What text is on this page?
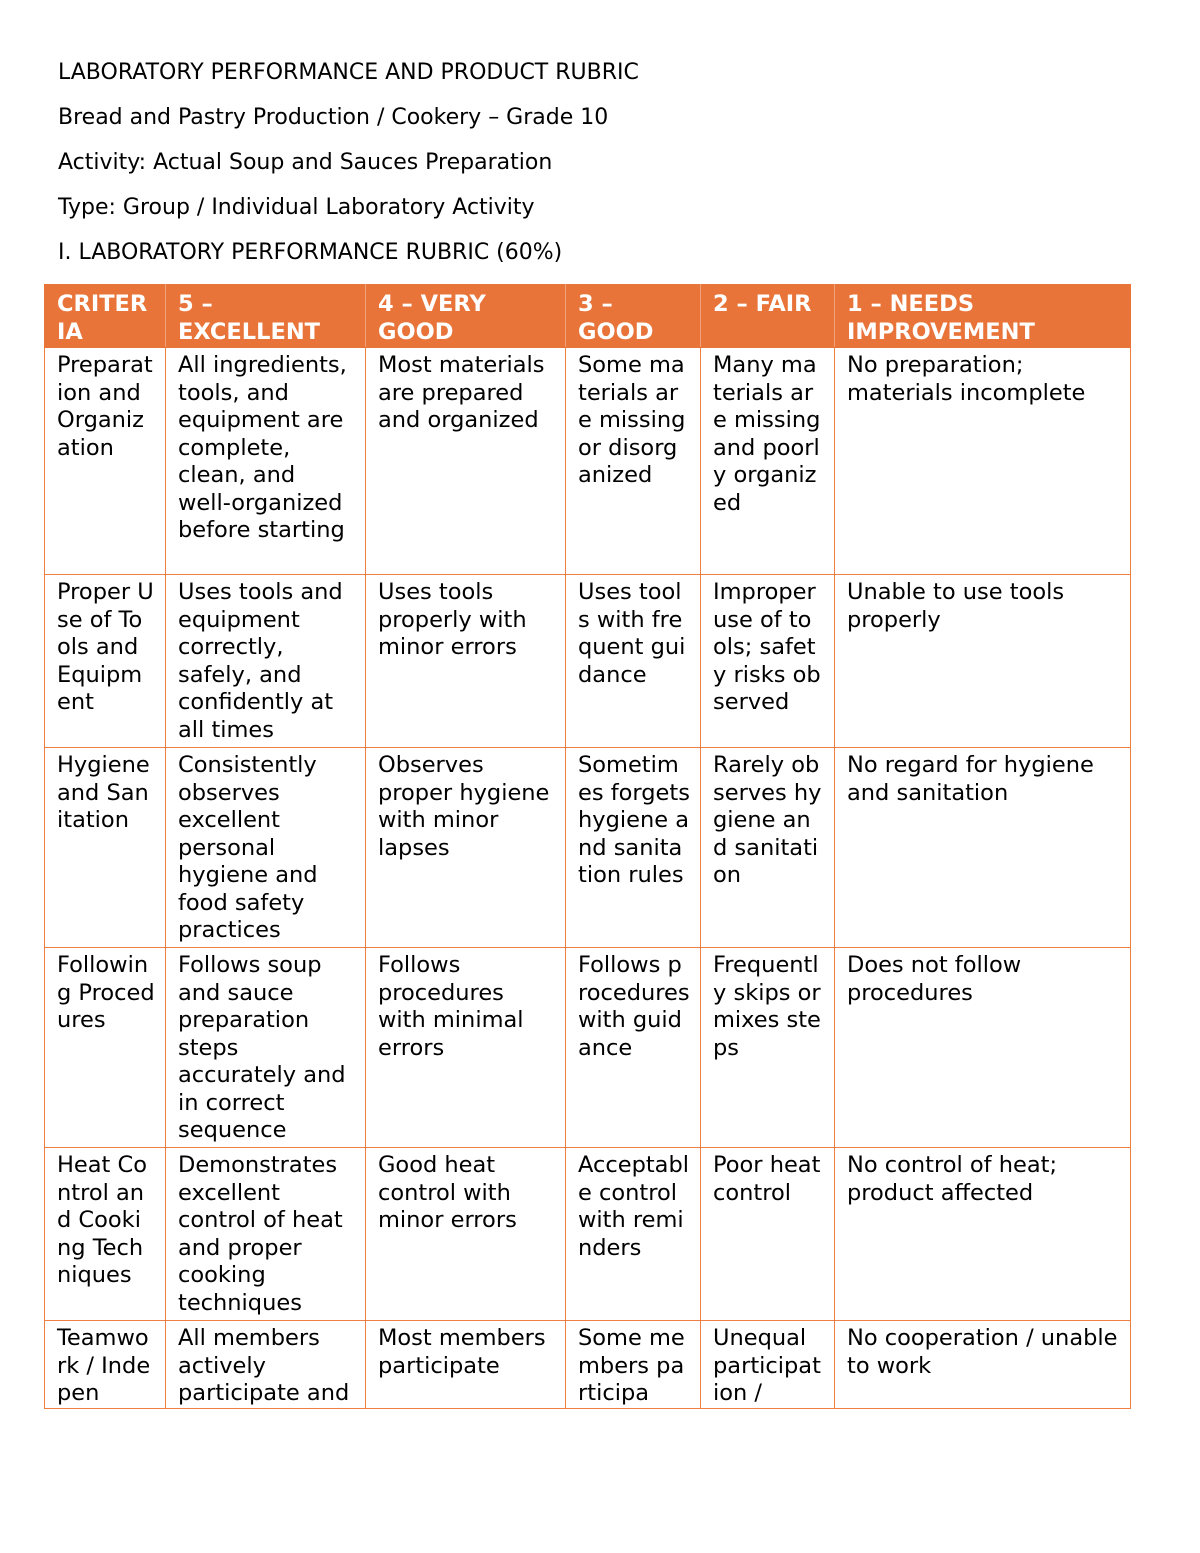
LABORATORY PERFORMANCE AND PRODUCT RUBRIC
Bread and Pastry Production / Cookery – Grade 10
Activity: Actual Soup and Sauces Preparation
Type: Group / Individual Laboratory Activity
I. LABORATORY PERFORMANCE RUBRIC (60%)
CRITERIA	5 – EXCELLENT	4 – VERY GOOD	3 – GOOD	2 – FAIR	1 – NEEDS IMPROVEMENT
Preparation and Organization	All ingredients, tools, and equipment are complete, clean, and well-organized before starting	Most materials are prepared and organized	Some materials are missing or disorganized	Many materials are missing and poorly organized	No preparation; materials incomplete
Proper Use of Tools and Equipment	Uses tools and equipment correctly, safely, and confidently at all times	Uses tools properly with minor errors	Uses tools with frequent guidance	Improper use of tools; safety risks observed	Unable to use tools properly
Hygiene and Sanitation	Consistently observes excellent personal hygiene and food safety practices	Observes proper hygiene with minor lapses	Sometimes forgets hygiene and sanitation rules	Rarely observes hygiene and sanitation	No regard for hygiene and sanitation
Following Procedures	Follows soup and sauce preparation steps accurately and in correct sequence	Follows procedures with minimal errors	Follows procedures with guidance	Frequently skips or mixes steps	Does not follow procedures
Heat Control and Cooking Techniques	Demonstrates excellent control of heat and proper cooking techniques	Good heat control with minor errors	Acceptable control with reminders	Poor heat control	No control of heat; product affected
Teamwork / Indepen	All members actively participate and	Most members participate	Some members participa	Unequal participation /	No cooperation / unable to work
